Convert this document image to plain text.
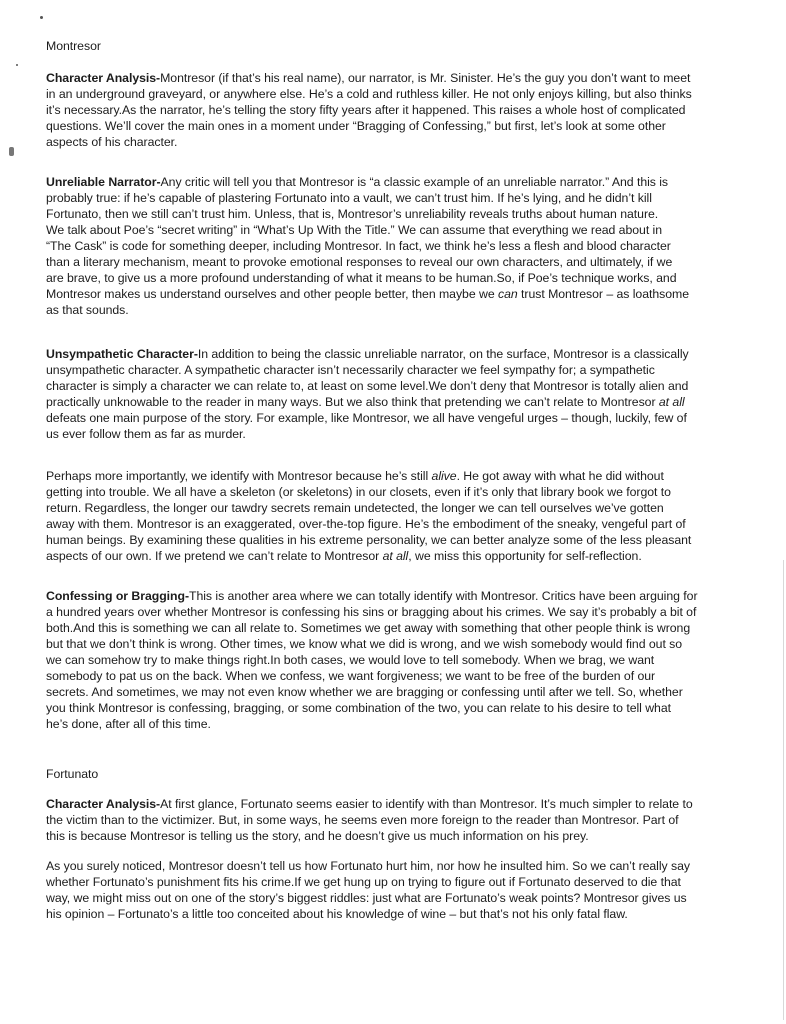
Montresor
Character Analysis-Montresor (if that’s his real name), our narrator, is Mr. Sinister. He’s the guy you don’t want to meet
in an underground graveyard, or anywhere else. He’s a cold and ruthless killer. He not only enjoys killing, but also thinks
it’s necessary.As the narrator, he’s telling the story fifty years after it happened. This raises a whole host of complicated
questions. We’ll cover the main ones in a moment under “Bragging of Confessing,” but first, let’s look at some other
aspects of his character.
Unreliable Narrator-Any critic will tell you that Montresor is “a classic example of an unreliable narrator.” And this is
probably true: if he’s capable of plastering Fortunato into a vault, we can’t trust him. If he’s lying, and he didn’t kill
Fortunato, then we still can’t trust him. Unless, that is, Montresor’s unreliability reveals truths about human nature.
We talk about Poe’s “secret writing” in “What’s Up With the Title.” We can assume that everything we read about in
“The Cask” is code for something deeper, including Montresor. In fact, we think he’s less a flesh and blood character
than a literary mechanism, meant to provoke emotional responses to reveal our own characters, and ultimately, if we
are brave, to give us a more profound understanding of what it means to be human.So, if Poe’s technique works, and
Montresor makes us understand ourselves and other people better, then maybe we can trust Montresor – as loathsome
as that sounds.
Unsympathetic Character-In addition to being the classic unreliable narrator, on the surface, Montresor is a classically
unsympathetic character. A sympathetic character isn’t necessarily character we feel sympathy for; a sympathetic
character is simply a character we can relate to, at least on some level.We don’t deny that Montresor is totally alien and
practically unknowable to the reader in many ways. But we also think that pretending we can’t relate to Montresor at all
defeats one main purpose of the story. For example, like Montresor, we all have vengeful urges – though, luckily, few of
us ever follow them as far as murder.
Perhaps more importantly, we identify with Montresor because he’s still alive. He got away with what he did without
getting into trouble. We all have a skeleton (or skeletons) in our closets, even if it’s only that library book we forgot to
return. Regardless, the longer our tawdry secrets remain undetected, the longer we can tell ourselves we’ve gotten
away with them. Montresor is an exaggerated, over-the-top figure. He’s the embodiment of the sneaky, vengeful part of
human beings. By examining these qualities in his extreme personality, we can better analyze some of the less pleasant
aspects of our own. If we pretend we can’t relate to Montresor at all, we miss this opportunity for self-reflection.
Confessing or Bragging-This is another area where we can totally identify with Montresor. Critics have been arguing for
a hundred years over whether Montresor is confessing his sins or bragging about his crimes. We say it’s probably a bit of
both.And this is something we can all relate to. Sometimes we get away with something that other people think is wrong
but that we don’t think is wrong. Other times, we know what we did is wrong, and we wish somebody would find out so
we can somehow try to make things right.In both cases, we would love to tell somebody. When we brag, we want
somebody to pat us on the back. When we confess, we want forgiveness; we want to be free of the burden of our
secrets. And sometimes, we may not even know whether we are bragging or confessing until after we tell. So, whether
you think Montresor is confessing, bragging, or some combination of the two, you can relate to his desire to tell what
he’s done, after all of this time.
Fortunato
Character Analysis-At first glance, Fortunato seems easier to identify with than Montresor. It’s much simpler to relate to
the victim than to the victimizer. But, in some ways, he seems even more foreign to the reader than Montresor. Part of
this is because Montresor is telling us the story, and he doesn’t give us much information on his prey.
As you surely noticed, Montresor doesn’t tell us how Fortunato hurt him, nor how he insulted him. So we can’t really say
whether Fortunato’s punishment fits his crime.If we get hung up on trying to figure out if Fortunato deserved to die that
way, we might miss out on one of the story’s biggest riddles: just what are Fortunato’s weak points? Montresor gives us
his opinion – Fortunato’s a little too conceited about his knowledge of wine – but that’s not his only fatal flaw.
